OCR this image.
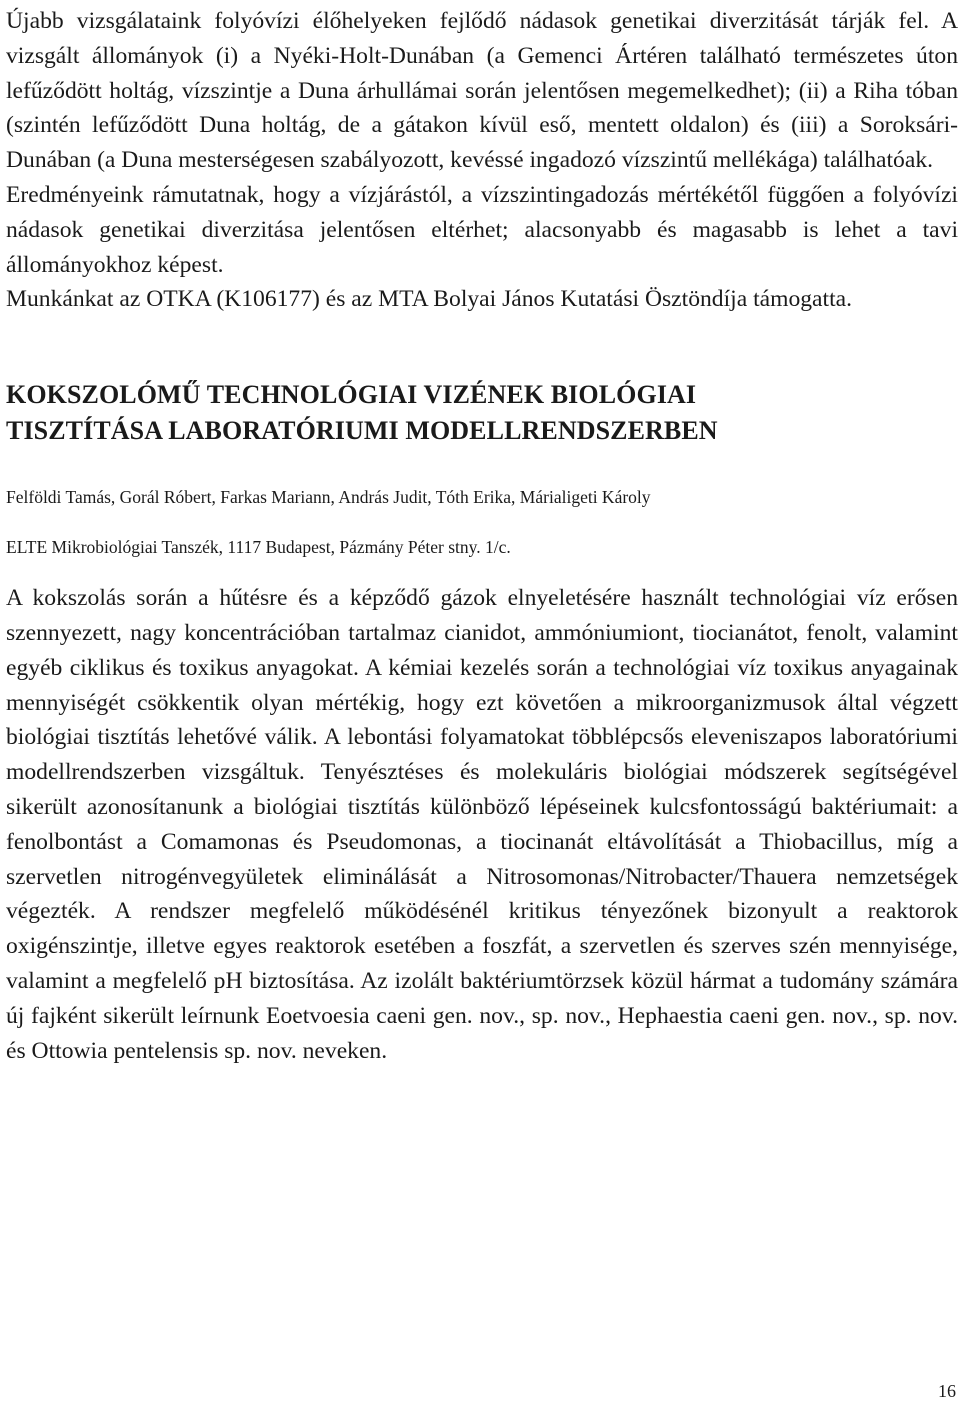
Újabb vizsgálataink folyóvízi élőhelyeken fejlődő nádasok genetikai diverzitását tárják fel. A vizsgált állományok (i) a Nyéki-Holt-Dunában (a Gemenci Ártéren található természetes úton lefűződött holtág, vízszintje a Duna árhullámai során jelentősen megemelkedhet); (ii) a Riha tóban (szintén lefűződött Duna holtág, de a gátakon kívül eső, mentett oldalon) és (iii) a Soroksári-Dunában (a Duna mesterségesen szabályozott, kevéssé ingadozó vízszintű mellékága) találhatóak.

Eredményeink rámutatnak, hogy a vízjárástól, a vízszintingadozás mértékétől függően a folyóvízi nádasok genetikai diverzitása jelentősen eltérhet; alacsonyabb és magasabb is lehet a tavi állományokhoz képest.

Munkánkat az OTKA (K106177) és az MTA Bolyai János Kutatási Ösztöndíja támogatta.

KOKSZOLÓMŰ TECHNOLÓGIAI VIZÉNEK BIOLÓGIAI
TISZTÍTÁSA LABORATÓRIUMI MODELLRENDSZERBEN

Felföldi Tamás, Gorál Róbert, Farkas Mariann, András Judit, Tóth Erika, Márialigeti Károly

ELTE Mikrobiológiai Tanszék, 1117 Budapest, Pázmány Péter stny. 1/c.

A kokszolás során a hűtésre és a képződő gázok elnyeletésére használt technológiai víz erősen szennyezett, nagy koncentrációban tartalmaz cianidot, ammóniumiont, tiocianátot, fenolt, valamint egyéb ciklikus és toxikus anyagokat. A kémiai kezelés során a technológiai víz toxikus anyagainak mennyiségét csökkentik olyan mértékig, hogy ezt követően a mikroorganizmusok által végzett biológiai tisztítás lehetővé válik. A lebontási folyamatokat többlépcsős eleveniszapos laboratóriumi modellrendszerben vizsgáltuk. Tenyésztéses és molekuláris biológiai módszerek segítségével sikerült azonosítanunk a biológiai tisztítás különböző lépéseinek kulcsfontosságú baktériumait: a fenolbontást a Comamonas és Pseudomonas, a tiocinanát eltávolítását a Thiobacillus, míg a szervetlen nitrogénvegyületek eliminálását a Nitrosomonas/Nitrobacter/Thauera nemzetségek végezték. A rendszer megfelelő működésénél kritikus tényezőnek bizonyult a reaktorok oxigénszintje, illetve egyes reaktorok esetében a foszfát, a szervetlen és szerves szén mennyisége, valamint a megfelelő pH biztosítása. Az izolált baktériumtörzsek közül hármat a tudomány számára új fajként sikerült leírnunk Eoetvoesia caeni gen. nov., sp. nov., Hephaestia caeni gen. nov., sp. nov. és Ottowia pentelensis sp. nov. neveken.

16
